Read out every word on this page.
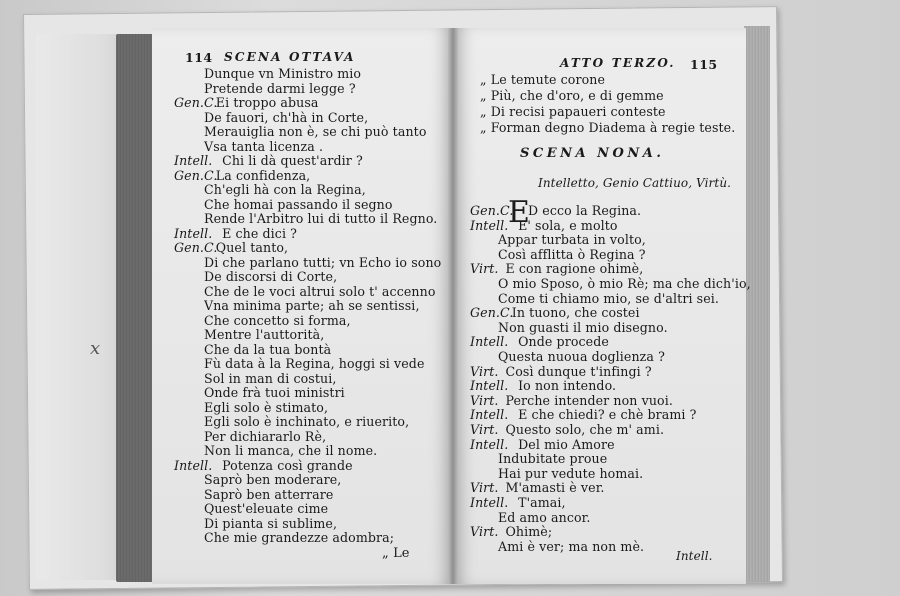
x
114 SCENA OTTAVA
Dunque vn Ministro mio
Pretende darmi legge ?
Gen.C.
Ei troppo abusa
De fauori, ch'hà in Corte,
Merauiglia non è, se chi può tanto
Vsa tanta licenza .
Intell. Chi li dà quest'ardir ?
Gen.C.
La confidenza,
Ch'egli hà con la Regina,
Che homai passando il segno
Rende l'Arbitro lui di tutto il Regno.
Intell. E che dici ?
Gen.C.
Quel tanto,
Di che parlano tutti; vn Echo io sono
De discorsi di Corte,
Che de le voci altrui solo t' accenno
Vna minima parte; ah se sentissi,
Che concetto si forma,
Mentre l'auttorità,
Che da la tua bontà
Fù data à la Regina, hoggi si vede
Sol in man di costui,
Onde frà tuoi ministri
Egli solo è stimato,
Egli solo è inchinato, e riuerito,
Per dichiararlo Rè,
Non li manca, che il nome.
Intell. Potenza così grande
Saprò ben moderare,
Saprò ben atterrare
Quest'eleuate cime
Di pianta si sublime,
Che mie grandezze adombra;
„ Le
ATTO TERZO. 115
„ Le temute corone
„ Più, che d'oro, e di gemme
„ Di recisi papaueri conteste
„ Forman degno Diadema à regie teste.
SCENA NONA.
Intelletto, Genio Cattiuo, Virtù.
E
Gen.C. D ecco la Regina.
Intell. E' sola, e molto
Appar turbata in volto,
Così afflitta ò Regina ?
Virt. E con ragione ohimè,
O mio Sposo, ò mio Rè; ma che dich'io,
Come ti chiamo mio, se d'altri sei.
Gen.C.
In tuono, che costei
Non guasti il mio disegno.
Intell. Onde procede
Questa nuoua doglienza ?
Virt. Così dunque t'infingi ?
Intell. Io non intendo.
Virt. Perche intender non vuoi.
Intell. E che chiedi? e chè brami ?
Virt. Questo solo, che m' ami.
Intell. Del mio Amore
Indubitate proue
Hai pur vedute homai.
Virt. M'amasti è ver.
Intell. T'amai,
Ed amo ancor.
Virt. Ohimè;
Ami è ver; ma non mè.
Intell.
